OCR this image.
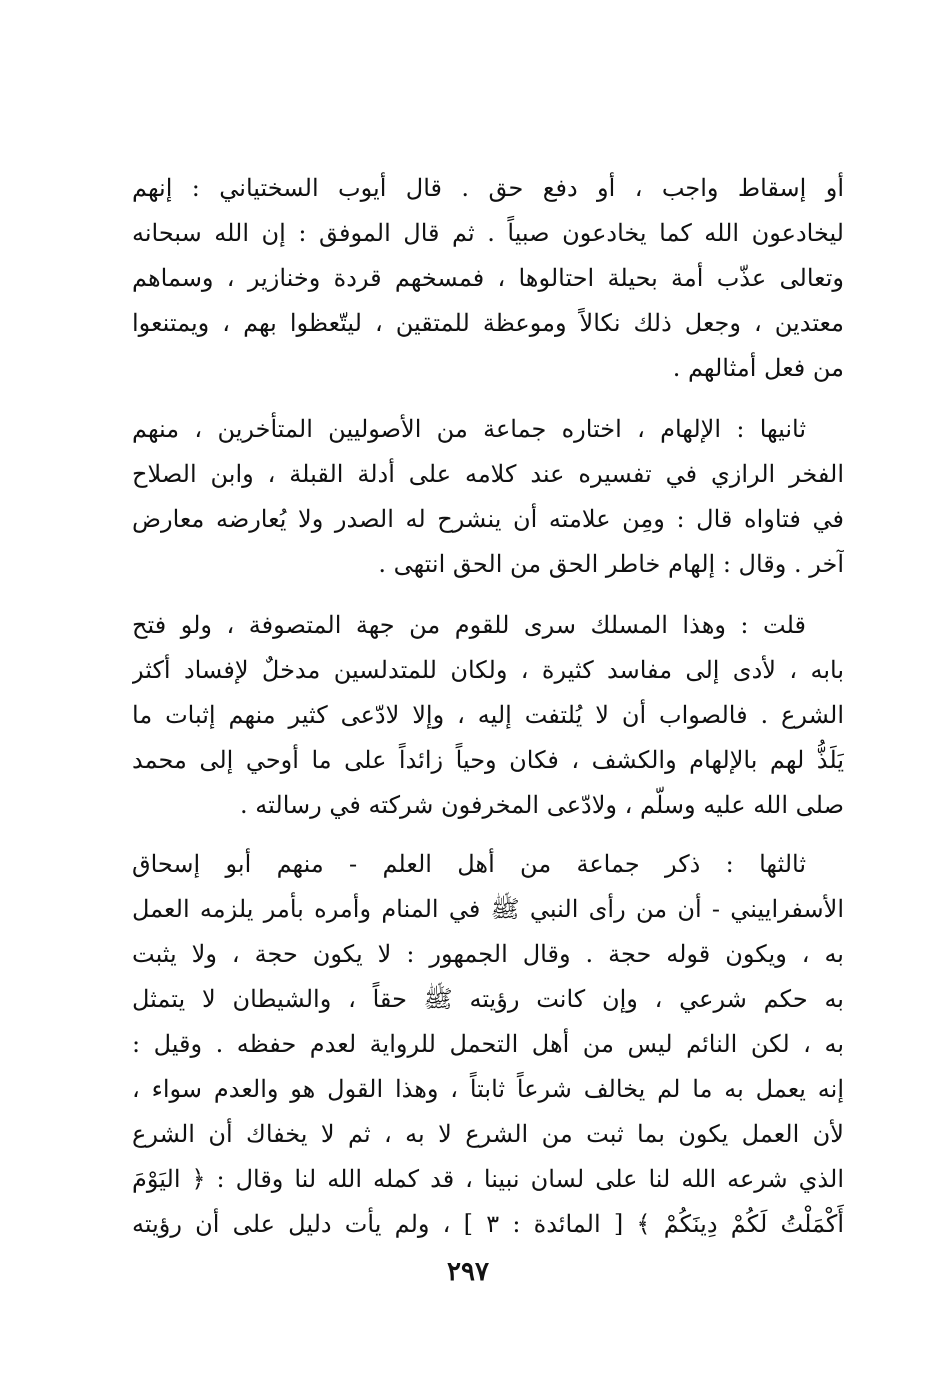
أو إسقاط واجب ، أو دفع حق . قال أيوب السختياني : إنهم
ليخادعون الله كما يخادعون صبياً . ثم قال الموفق : إن الله سبحانه
وتعالى عذّب أمة بحيلة احتالوها ، فمسخهم قردة وخنازير ، وسماهم
معتدين ، وجعل ذلك نكالاً وموعظة للمتقين ، ليتّعظوا بهم ، ويمتنعوا
من فعل أمثالهم .
ثانيها : الإلهام ، اختاره جماعة من الأصوليين المتأخرين ، منهم
الفخر الرازي في تفسيره عند كلامه على أدلة القبلة ، وابن الصلاح
في فتاواه قال : ومِن علامته أن ينشرح له الصدر ولا يُعارضه معارض
آخر . وقال : إلهام خاطر الحق من الحق انتهى .
قلت : وهذا المسلك سرى للقوم من جهة المتصوفة ، ولو فتح
بابه ، لأدى إلى مفاسد كثيرة ، ولكان للمتدلسين مدخلٌ لإفساد أكثر
الشرع . فالصواب أن لا يُلتفت إليه ، وإلا لادّعى كثير منهم إثبات ما
يَلَذُّ لهم بالإلهام والكشف ، فكان وحياً زائداً على ما أوحي إلى محمد
صلى الله عليه وسلّم ، ولادّعى المخرفون شركته في رسالته .
ثالثها : ذكر جماعة من أهل العلم - منهم أبو إسحاق
الأسفراييني - أن من رأى النبي ﷺ في المنام وأمره بأمر يلزمه العمل
به ، ويكون قوله حجة . وقال الجمهور : لا يكون حجة ، ولا يثبت
به حكم شرعي ، وإن كانت رؤيته ﷺ حقاً ، والشيطان لا يتمثل
به ، لكن النائم ليس من أهل التحمل للرواية لعدم حفظه . وقيل :
إنه يعمل به ما لم يخالف شرعاً ثابتاً ، وهذا القول هو والعدم سواء ،
لأن العمل يكون بما ثبت من الشرع لا به ، ثم لا يخفاك أن الشرع
الذي شرعه الله لنا على لسان نبينا ، قد كمله الله لنا وقال : ﴿ اليَوْمَ
أَكْمَلْتُ لَكُمْ دِينَكُمْ ﴾ [ المائدة : ٣ ] ، ولم يأت دليل على أن رؤيته
٢٩٧
